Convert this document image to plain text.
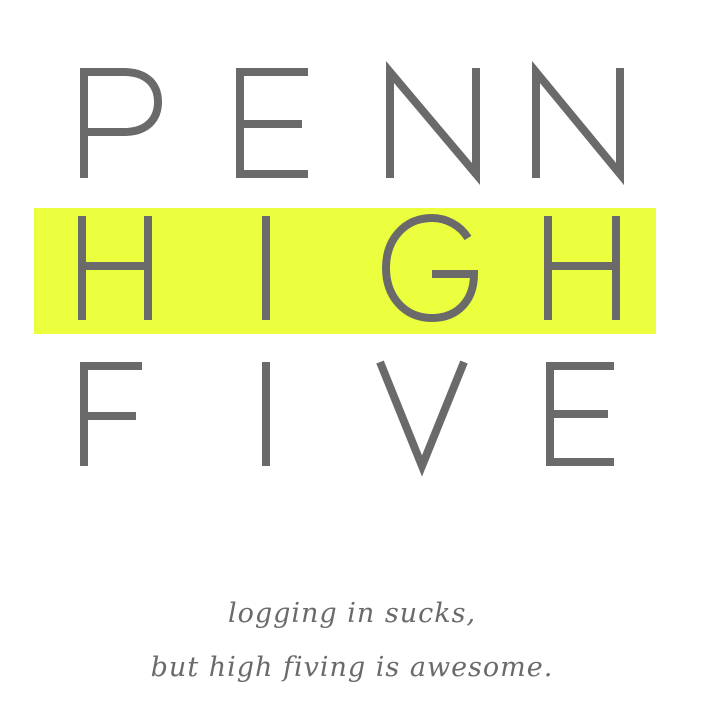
logging in sucks,
but high fiving is awesome.
